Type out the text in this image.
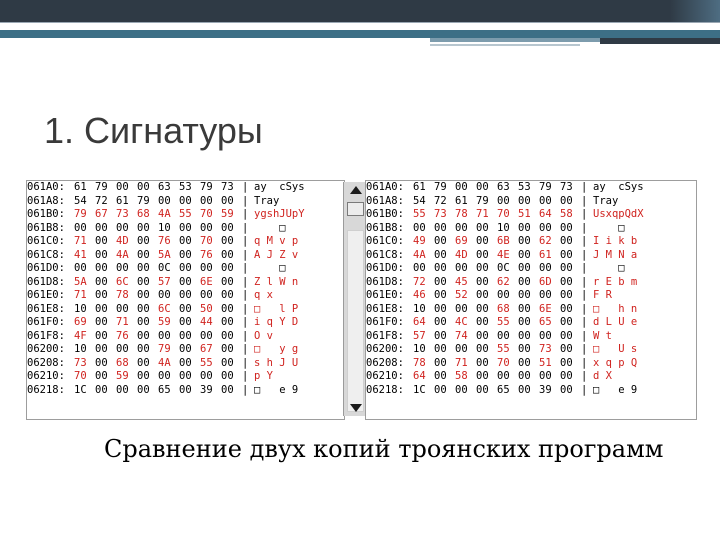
1. Сигнатуры
061A0:	61	79	00	00	63	53	79	73	|	ay  cSys
061A8:	54	72	61	79	00	00	00	00	|	Tray
061B0:	79	67	73	68	4A	55	70	59	|	ygshJUpY
061B8:	00	00	00	00	10	00	00	00	|	□
061C0:	71	00	4D	00	76	00	70	00	|	q M v p
061C8:	41	00	4A	00	5A	00	76	00	|	A J Z v
061D0:	00	00	00	00	0C	00	00	00	|	□
061D8:	5A	00	6C	00	57	00	6E	00	|	Z l W n
061E0:	71	00	78	00	00	00	00	00	|	q x
061E8:	10	00	00	00	6C	00	50	00	|	□   l P
061F0:	69	00	71	00	59	00	44	00	|	i q Y D
061F8:	4F	00	76	00	00	00	00	00	|	O v
06200:	10	00	00	00	79	00	67	00	|	□   y g
06208:	73	00	68	00	4A	00	55	00	|	s h J U
06210:	70	00	59	00	00	00	00	00	|	p Y
06218:	1C	00	00	00	65	00	39	00	|	□   e 9
061A0:	61	79	00	00	63	53	79	73	|	ay  cSys
061A8:	54	72	61	79	00	00	00	00	|	Tray
061B0:	55	73	78	71	70	51	64	58	|	UsxqpQdX
061B8:	00	00	00	00	10	00	00	00	|	□
061C0:	49	00	69	00	6B	00	62	00	|	I i k b
061C8:	4A	00	4D	00	4E	00	61	00	|	J M N a
061D0:	00	00	00	00	0C	00	00	00	|	□
061D8:	72	00	45	00	62	00	6D	00	|	r E b m
061E0:	46	00	52	00	00	00	00	00	|	F R
061E8:	10	00	00	00	68	00	6E	00	|	□   h n
061F0:	64	00	4C	00	55	00	65	00	|	d L U e
061F8:	57	00	74	00	00	00	00	00	|	W t
06200:	10	00	00	00	55	00	73	00	|	□   U s
06208:	78	00	71	00	70	00	51	00	|	x q p Q
06210:	64	00	58	00	00	00	00	00	|	d X
06218:	1C	00	00	00	65	00	39	00	|	□   e 9

Сравнение двух копий троянских программ
